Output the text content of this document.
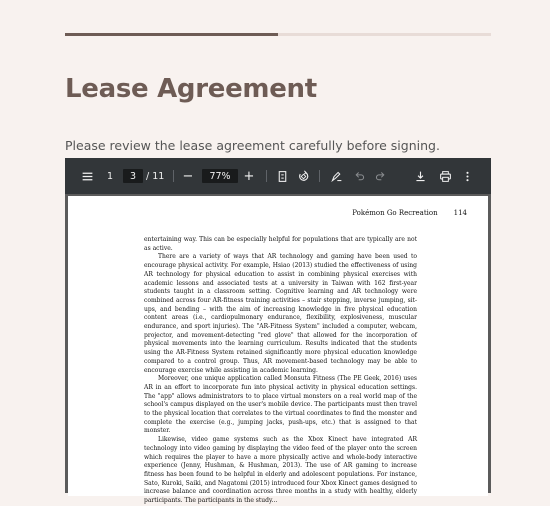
Lease Agreement

Please review the lease agreement carefully before signing.

1	3	/ 11 −	77% +
Pokémon Go Recreation 114

entertaining way. This can be especially helpful for populations that are typically are not as active.

There are a variety of ways that AR technology and gaming have been used to encourage physical activity. For example, Hsiao (2013) studied the effectiveness of using AR technology for physical education to assist in combining physical exercises with academic lessons and associated tests at a university in Taiwan with 162 first-year students taught in a classroom setting. Cognitive learning and AR technology were combined across four AR-fitness training activities – stair stepping, inverse jumping, sit-ups, and bending – with the aim of increasing knowledge in five physical education content areas (i.e., cardiopulmonary endurance, flexibility, explosiveness, muscular endurance, and sport injuries). The "AR-Fitness System" included a computer, webcam, projector, and movement-detecting "red glove" that allowed for the incorporation of physical movements into the learning curriculum. Results indicated that the students using the AR-Fitness System retained significantly more physical education knowledge compared to a control group. Thus, AR movement-based technology may be able to encourage exercise while assisting in academic learning.

Moreover, one unique application called Monsuta Fitness (The PE Geek, 2016) uses AR in an effort to incorporate fun into physical activity in physical education settings. The "app" allows administrators to to place virtual monsters on a real world map of the school's campus displayed on the user's mobile device. The participants must then travel to the physical location that correlates to the virtual coordinates to find the monster and complete the exercise (e.g., jumping jacks, push-ups, etc.) that is assigned to that monster.

Likewise, video game systems such as the Xbox Kinect have integrated AR technology into video gaming by displaying the video feed of the player onto the screen which requires the player to have a more physically active and whole-body interactive experience (Jenny, Hushman, & Hushman, 2013). The use of AR gaming to increase fitness has been found to be helpful in elderly and adolescent populations. For instance, Sato, Kuroki, Saiki, and Nagatomi (2015) introduced four Xbox Kinect games designed to increase balance and coordination across three months in a study with healthy, elderly participants. The participants in the study...
